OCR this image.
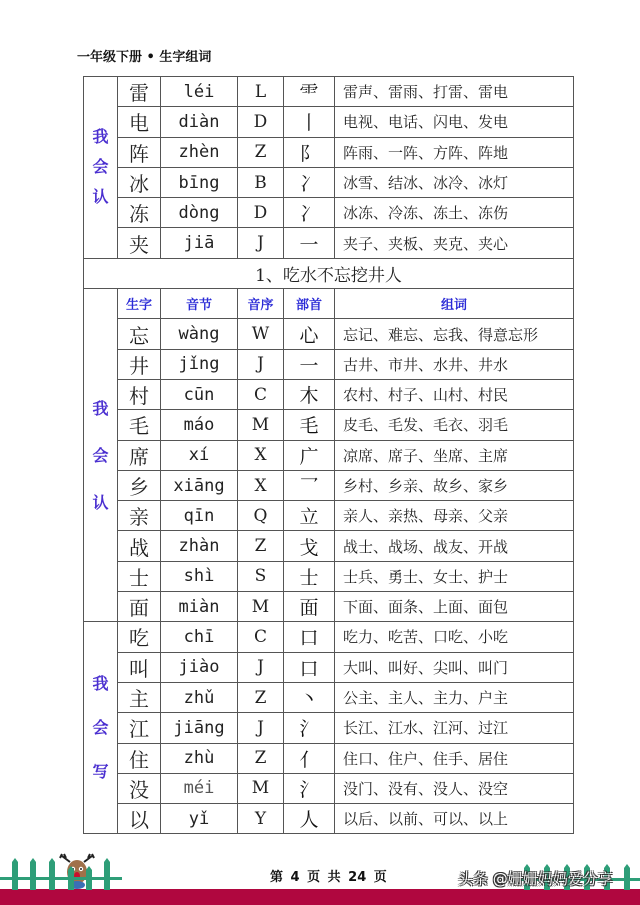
一年级下册 • 生字组词
我
会
认	雷	léi	L	⻗	雷声、雷雨、打雷、雷电
	电	diàn	D	丨	电视、电话、闪电、发电
	阵	zhèn	Z	阝	阵雨、一阵、方阵、阵地
	冰	bīng	B	冫	冰雪、结冰、冰冷、冰灯
	冻	dòng	D	冫	冰冻、冷冻、冻土、冻伤
	夹	jiā	J	一	夹子、夹板、夹克、夹心
1、吃水不忘挖井人					

我
会
认	生字	音节	音序	部首	组词
	忘	wàng	W	心	忘记、难忘、忘我、得意忘形
	井	jǐng	J	一	古井、市井、水井、井水
	村	cūn	C	木	农村、村子、山村、村民
	毛	máo	M	毛	皮毛、毛发、毛衣、羽毛
	席	xí	X	广	凉席、席子、坐席、主席
	乡	xiāng	X	乛	乡村、乡亲、故乡、家乡
	亲	qīn	Q	立	亲人、亲热、母亲、父亲
	战	zhàn	Z	戈	战士、战场、战友、开战
	士	shì	S	士	士兵、勇士、女士、护士
	面	miàn	M	面	下面、面条、上面、面包

我
会
写	吃	chī	C	口	吃力、吃苦、口吃、小吃
	叫	jiào	J	口	大叫、叫好、尖叫、叫门
	主	zhǔ	Z	丶	公主、主人、主力、户主
	江	jiāng	J	氵	长江、江水、江河、过江
	住	zhù	Z	亻	住口、住户、住手、居住
	没	méi	M	氵	没门、没有、没人、没空
	以	yǐ	Y	人	以后、以前、可以、以上
第 4 页 共 24 页	头条 @姗姗妈妈爱分享
